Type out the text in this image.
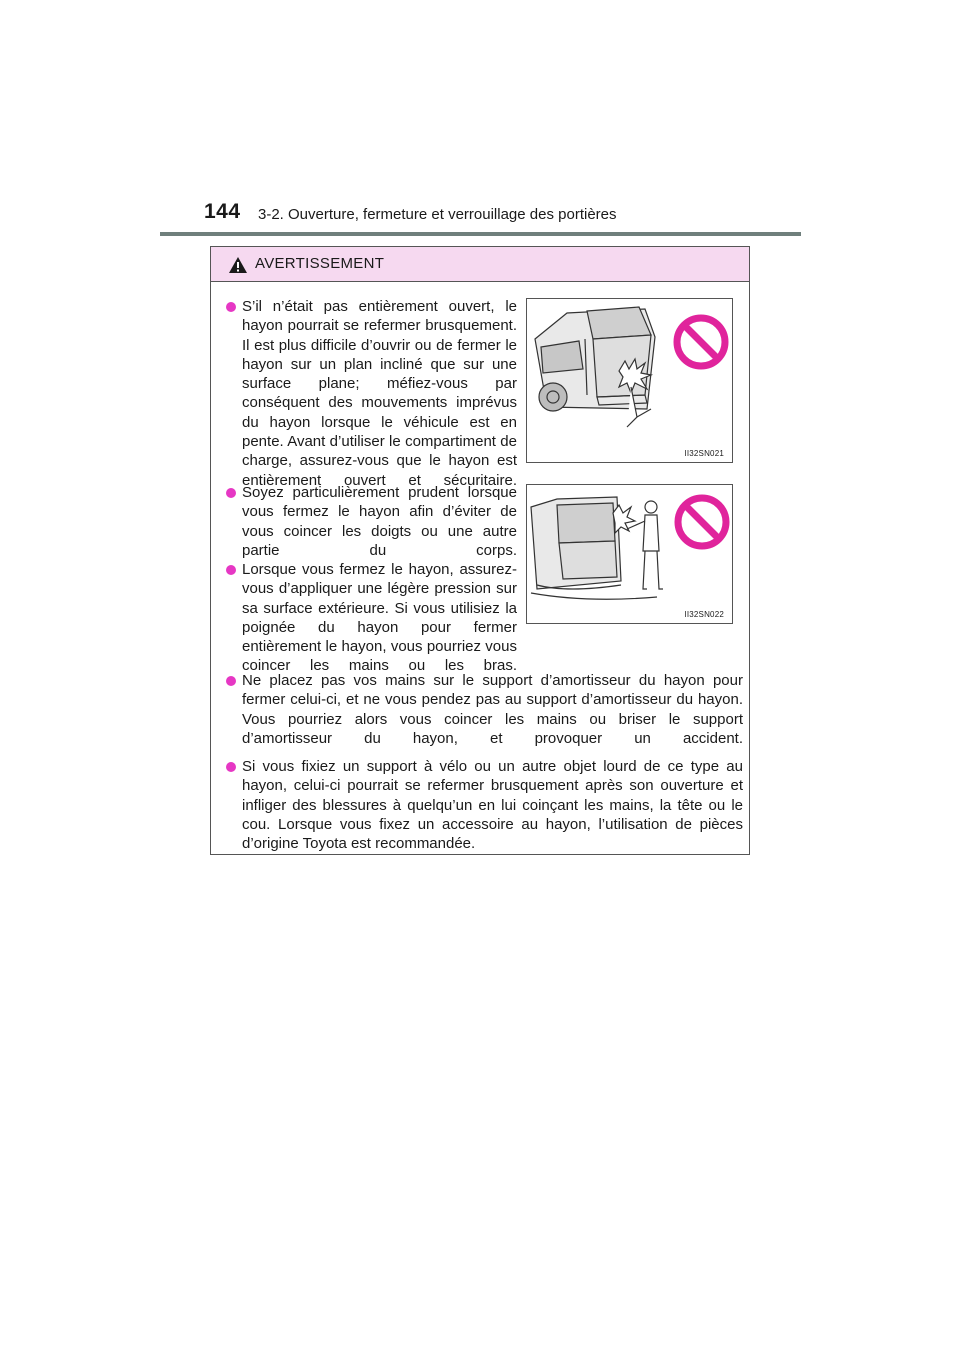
144 3-2. Ouverture, fermeture et verrouillage des portières
AVERTISSEMENT
S’il n’était pas entièrement ouvert, le hayon pourrait se refermer brusquement. Il est plus difficile d’ouvrir ou de fermer le hayon sur un plan incliné que sur une surface plane; méfiez-vous par conséquent des mouvements imprévus du hayon lorsque le véhicule est en pente. Avant d’utiliser le compartiment de charge, assurez-vous que le hayon est entièrement ouvert et sécuritaire.
II32SN021
Soyez particulièrement prudent lorsque vous fermez le hayon afin d’éviter de vous coincer les doigts ou une autre partie du corps.
Lorsque vous fermez le hayon, assurez-vous d’appliquer une légère pression sur sa surface extérieure. Si vous utilisiez la poignée du hayon pour fermer entièrement le hayon, vous pourriez vous coincer les mains ou les bras.
II32SN022
Ne placez pas vos mains sur le support d’amortisseur du hayon pour fermer celui-ci, et ne vous pendez pas au support d’amortisseur du hayon. Vous pourriez alors vous coincer les mains ou briser le support d’amortisseur du hayon, et provoquer un accident.
Si vous fixiez un support à vélo ou un autre objet lourd de ce type au hayon, celui-ci pourrait se refermer brusquement après son ouverture et infliger des blessures à quelqu’un en lui coinçant les mains, la tête ou le cou. Lorsque vous fixez un accessoire au hayon, l’utilisation de pièces d’origine Toyota est recommandée.
